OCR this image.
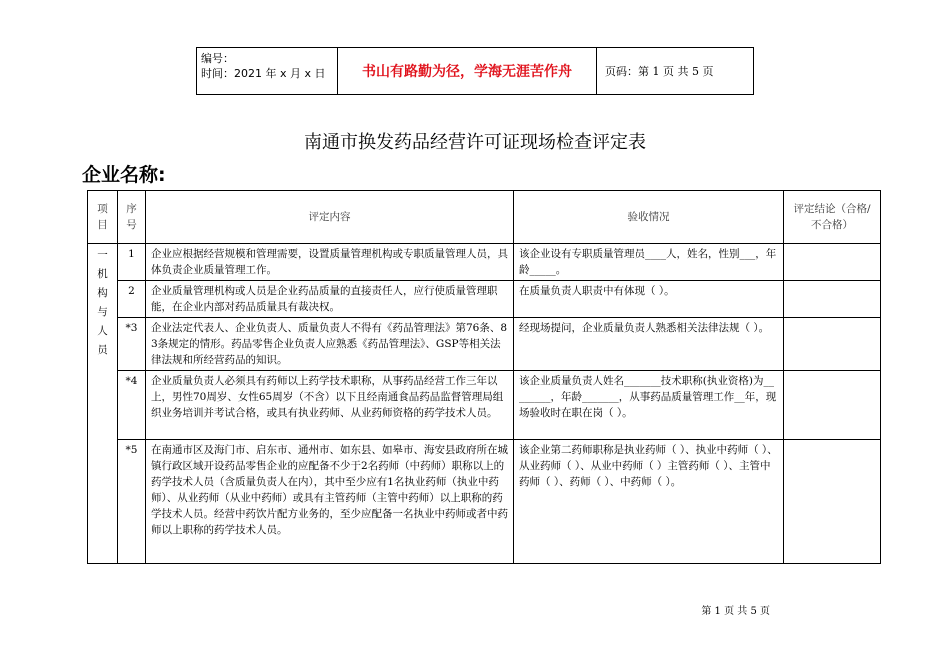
编号：
时间：2021 年 x 月 x 日	书山有路勤为径，学海无涯苦作舟	页码：第 1 页 共 5 页
南通市换发药品经营许可证现场检查评定表
企业名称:
项目	序号	评定内容	验收情况	评定结论（合格/不合格）
一机构与人员	1	企业应根据经营规模和管理需要，设置质量管理机构或专职质量管理人员，具体负责企业质量管理工作。	该企业设有专职质量管理员____人，姓名，性别___，年龄_____。	
	2	企业质量管理机构或人员是企业药品质量的直接责任人，应行使质量管理职能，在企业内部对药品质量具有裁决权。	在质量负责人职责中有体现（ ）。	
	*3	企业法定代表人、企业负责人、质量负责人不得有《药品管理法》第76条、83条规定的情形。药品零售企业负责人应熟悉《药品管理法》、GSP等相关法律法规和所经营药品的知识。	经现场提问，企业质量负责人熟悉相关法律法规（ ）。	
	*4	企业质量负责人必须具有药师以上药学技术职称，从事药品经营工作三年以上，男性70周岁、女性65周岁（不含）以下且经南通食品药品监督管理局组织业务培训并考试合格，或具有执业药师、从业药师资格的药学技术人员。	该企业质量负责人姓名_______技术职称(执业资格)为________，年龄_______，从事药品质量管理工作__年，现场验收时在职在岗（ ）。	
	*5	在南通市区及海门市、启东市、通州市、如东县、如皋市、海安县政府所在城镇行政区域开设药品零售企业的应配备不少于2名药师（中药师）职称以上的药学技术人员（含质量负责人在内），其中至少应有1名执业药师（执业中药师）、从业药师（从业中药师）或具有主管药师（主管中药师）以上职称的药学技术人员。经营中药饮片配方业务的，至少应配备一名执业中药师或者中药师以上职称的药学技术人员。	该企业第二药师职称是执业药师（ ）、执业中药师（ ）、从业药师（ ）、从业中药师（ ）主管药师（ ）、主管中药师（ ）、药师（ ）、中药师（ ）。	
第 1 页 共 5 页
